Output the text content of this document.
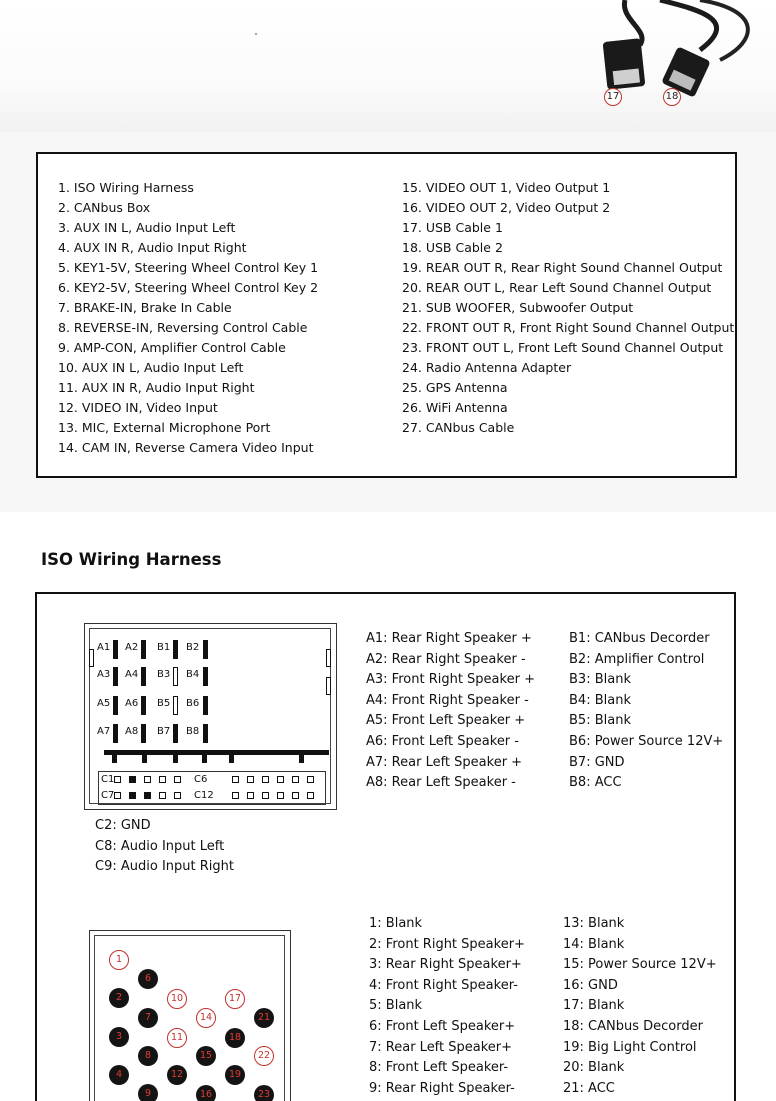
17	18
1. ISO Wiring Harness
2. CANbus Box
3. AUX IN L, Audio Input Left
4. AUX IN R, Audio Input Right
5. KEY1-5V, Steering Wheel Control Key 1
6. KEY2-5V, Steering Wheel Control Key 2
7. BRAKE-IN, Brake In Cable
8. REVERSE-IN, Reversing Control Cable
9. AMP-CON, Amplifier Control Cable
10. AUX IN L, Audio Input Left
11. AUX IN R, Audio Input Right
12. VIDEO IN, Video Input
13. MIC, External Microphone Port
14. CAM IN, Reverse Camera Video Input
15. VIDEO OUT 1, Video Output 1
16. VIDEO OUT 2, Video Output 2
17. USB Cable 1
18. USB Cable 2
19. REAR OUT R, Rear Right Sound Channel Output
20. REAR OUT L, Rear Left Sound Channel Output
21. SUB WOOFER, Subwoofer Output
22. FRONT OUT R, Front Right Sound Channel Output
23. FRONT OUT L, Front Left Sound Channel Output
24. Radio Antenna Adapter
25. GPS Antenna
26. WiFi Antenna
27. CANbus Cable
ISO Wiring Harness
A1 A2 B1 B2
A3 A4 B3 B4
A5 A6 B5 B6
A7 A8 B7 B8
C1	C6
C7	C12
A1: Rear Right Speaker +
A2: Rear Right Speaker -
A3: Front Right Speaker +
A4: Front Right Speaker -
A5: Front Left Speaker +
A6: Front Left Speaker -
A7: Rear Left Speaker +
A8: Rear Left Speaker -
B1: CANbus Decorder
B2: Amplifier Control
B3: Blank
B4: Blank
B5: Blank
B6: Power Source 12V+
B7: GND
B8: ACC
C2: GND
C8: Audio Input Left
C9: Audio Input Right
1
6
2	10	17
7	14	21
3	11	18
8	15	22
4	12	19
9	16	23
1: Blank
2: Front Right Speaker+
3: Rear Right Speaker+
4: Front Right Speaker-
5: Blank
6: Front Left Speaker+
7: Rear Left Speaker+
8: Front Left Speaker-
9: Rear Right Speaker-
13: Blank
14: Blank
15: Power Source 12V+
16: GND
17: Blank
18: CANbus Decorder
19: Big Light Control
20: Blank
21: ACC
